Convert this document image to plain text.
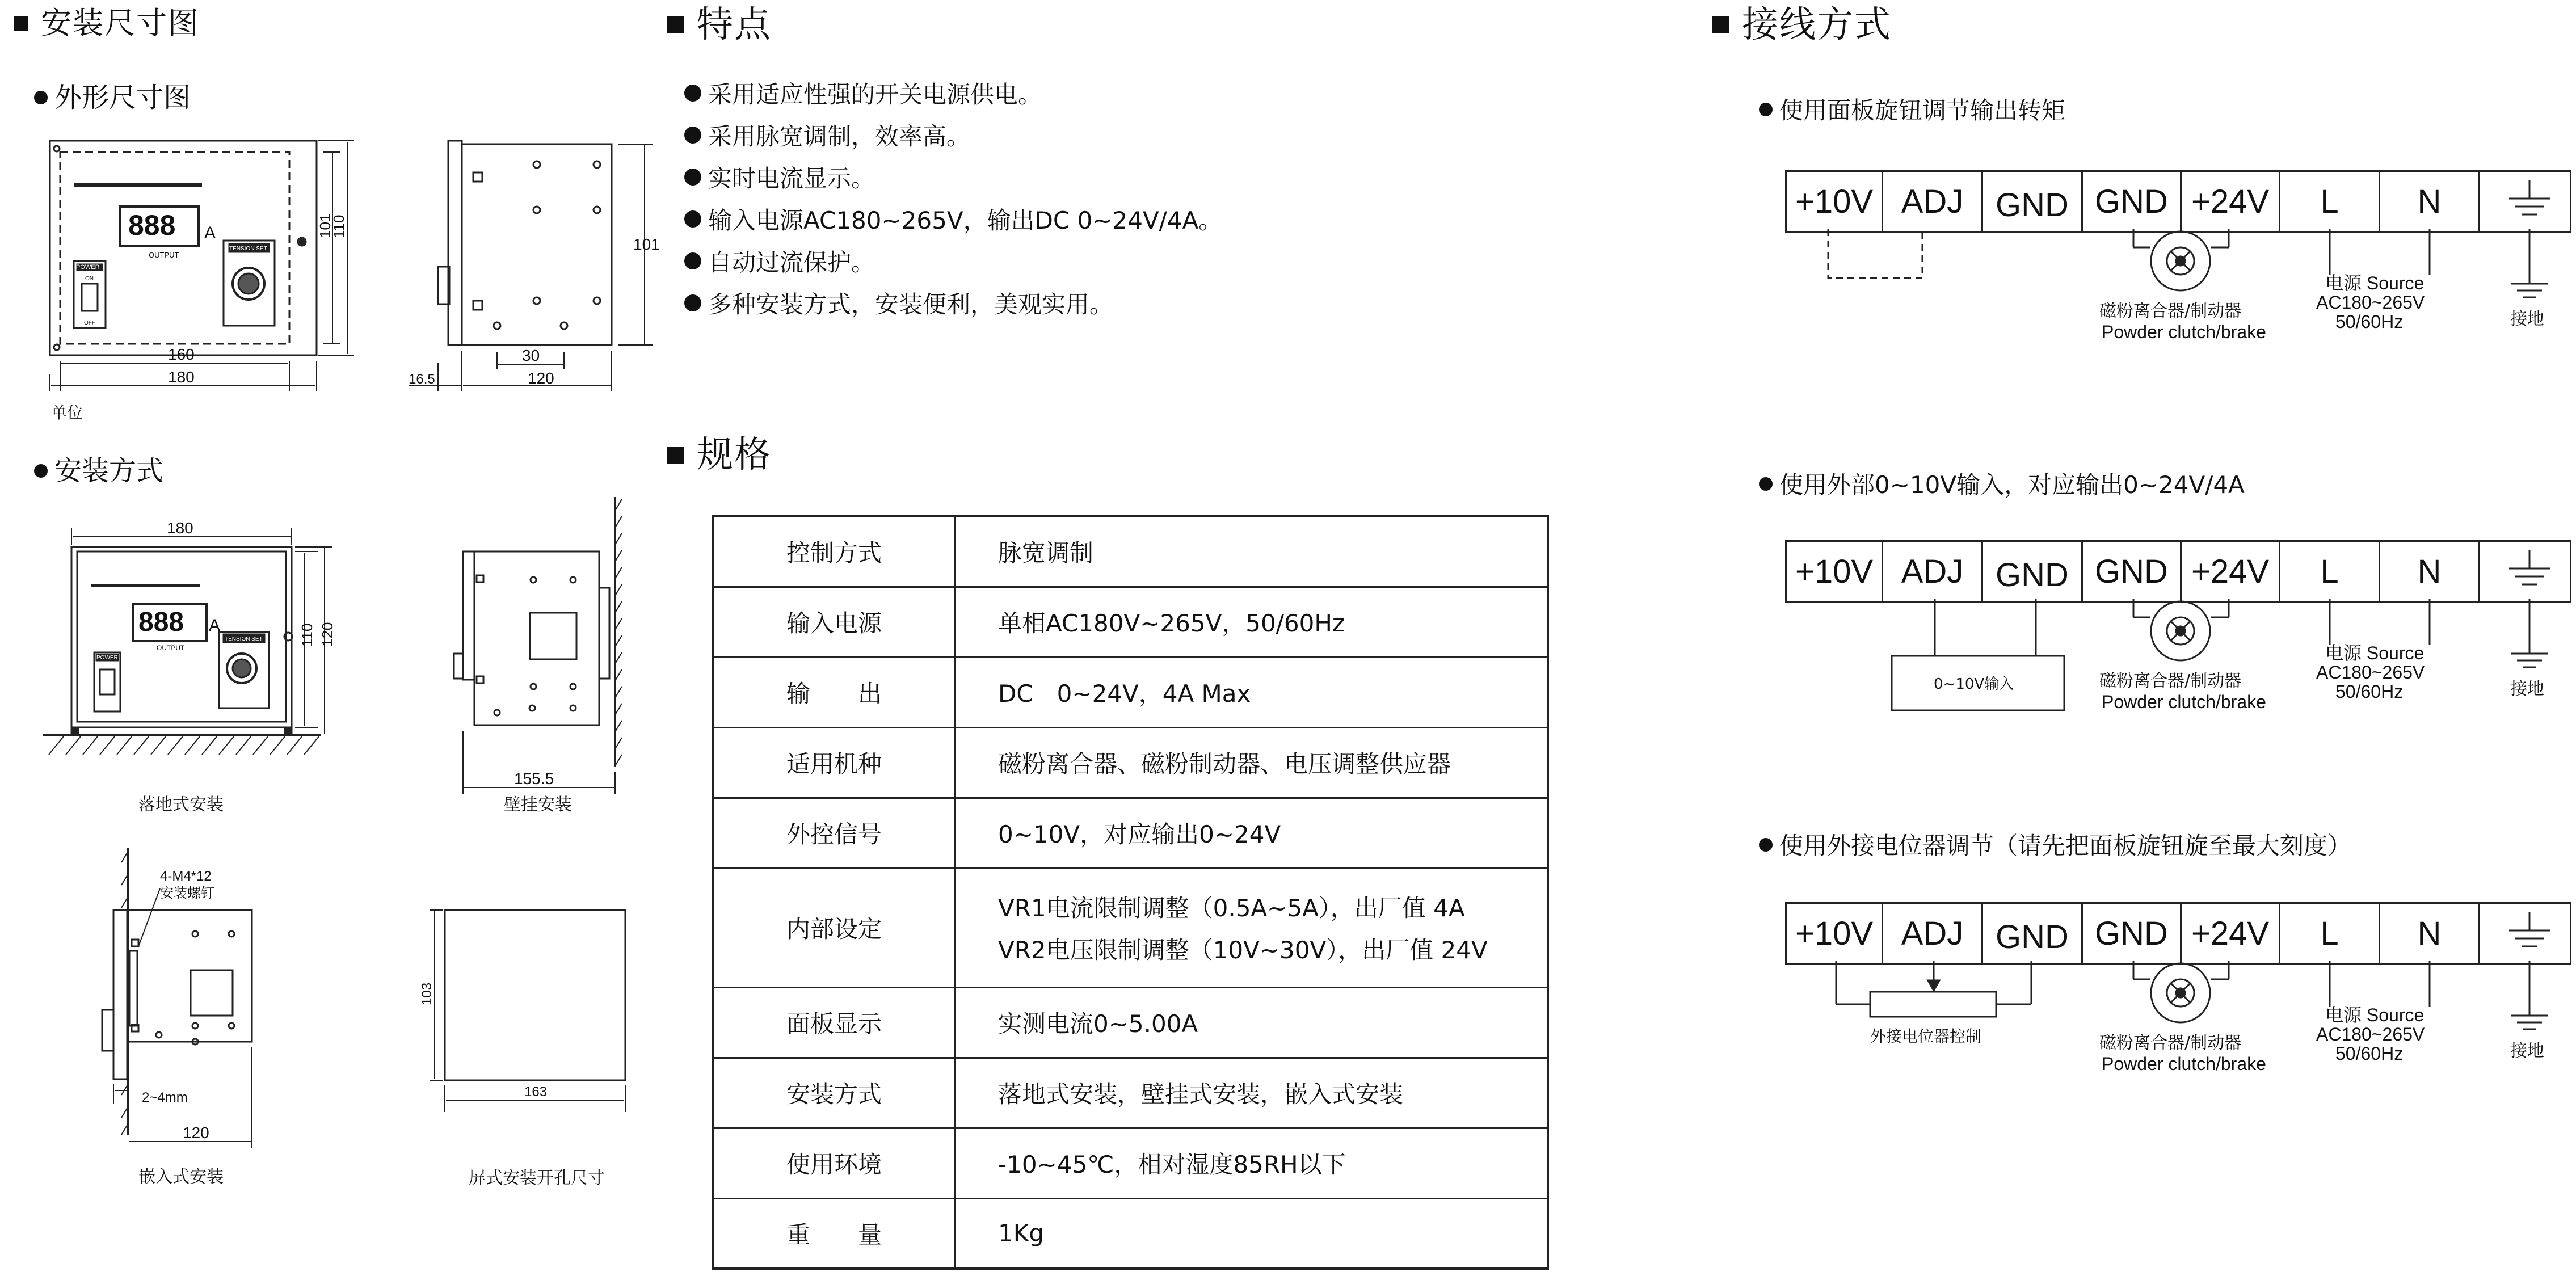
安装尺寸图
外形尺寸图
单位
安装方式
落地式安装	壁挂安装
嵌入式安装	屏式安装开孔尺寸
888 A
OUTPUT
POWER
ON
OFF
TENSION SET
160
180
101
110
101
30
16.5	120
888 A
OUTPUT
POWER
TENSION SET
180
110 120
155.5
4-M4*12
安装螺钉
2~4mm
120
103
163
特点
采用适应性强的开关电源供电。
采用脉宽调制，效率高。
实时电流显示。
输入电源AC180~265V，输出DC 0~24V/4A。
自动过流保护。
多种安装方式，安装便利，美观实用。
规格
控制方式	脉宽调制
输入电源	单相AC180V~265V，50/60Hz
输　　出	DC　0~24V，4A Max
适用机种	磁粉离合器、磁粉制动器、电压调整供应器
外控信号	0~10V，对应输出0~24V
内部设定	VR1电流限制调整（0.5A~5A），出厂值 4A
VR2电压限制调整（10V~30V），出厂值 24V

面板显示	实测电流0~5.00A
安装方式	落地式安装，壁挂式安装，嵌入式安装
使用环境	-10~45℃，相对湿度85RH以下
重　　量	1Kg
接线方式
使用面板旋钮调节输出转矩
使用外部0~10V输入，对应输出0~24V/4A
使用外接电位器调节（请先把面板旋钮旋至最大刻度）
+10V ADJ GND GND +24V	L	N
+10V ADJ GND GND +24V	L	N
+10V ADJ GND GND +24V	L	N
磁粉离合器/制动器
Powder clutch/brake
电源 Source
AC180~265V
50/60Hz	接地
0~10V输入	磁粉离合器/制动器
Powder clutch/brake
电源 Source
AC180~265V
50/60Hz	接地
外接电位器控制	磁粉离合器/制动器
Powder clutch/brake
电源 Source
AC180~265V
50/60Hz	接地
